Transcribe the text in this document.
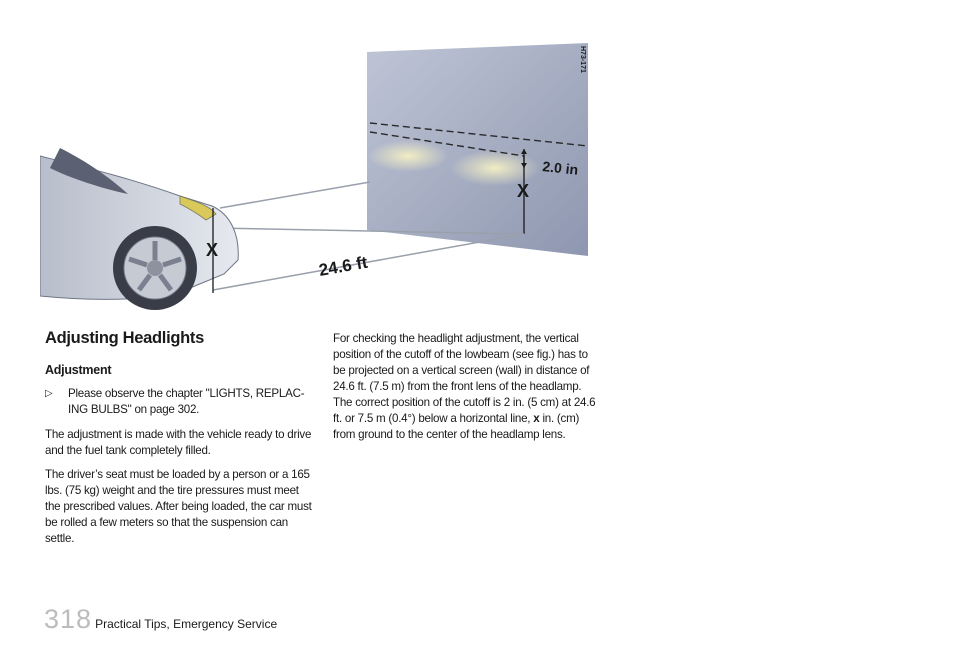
2.0 in
X
H73-171
24.6 ft
X
Adjusting Headlights
Adjustment
▷ Please observe the chapter "LIGHTS, REPLAC-ING BULBS" on page 302.

The adjustment is made with the vehicle ready to drive and the fuel tank completely filled.

The driver’s seat must be loaded by a person or a 165 lbs. (75 kg) weight and the tire pressures must meet the prescribed values. After being loaded, the car must be rolled a few meters so that the suspension can settle.

For checking the headlight adjustment, the vertical position of the cutoff of the lowbeam (see fig.) has to be projected on a vertical screen (wall) in distance of 24.6 ft. (7.5 m) from the front lens of the headlamp. The correct position of the cutoff is 2 in. (5 cm) at 24.6 ft. or 7.5 m (0.4°) below a horizontal line, x in. (cm) from ground to the center of the headlamp lens.

318 Practical Tips, Emergency Service
